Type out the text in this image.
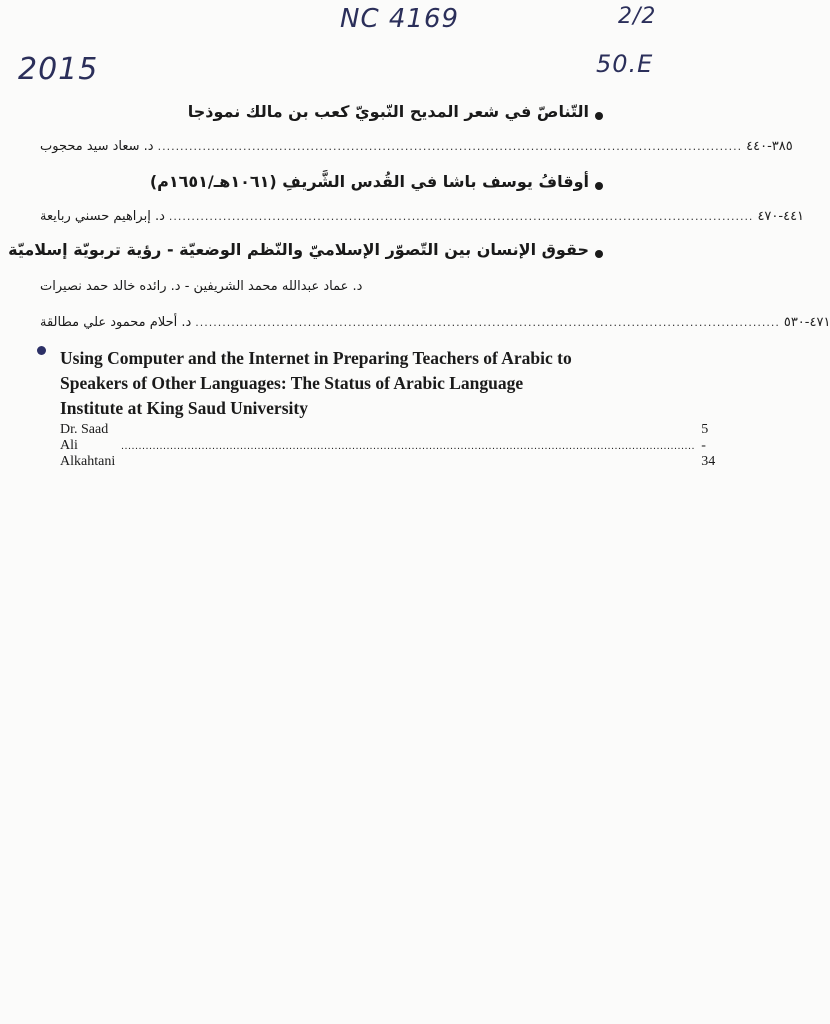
NC 4169	2/2
2015	50.E
التّناصّ في شعر المديح النّبويّ كعب بن مالك نموذجا
د. سعاد سيد محجوب .................................................................................................................................. ٣٨٥-٤٤٠
أوقافُ يوسف باشا في القُدس الشَّريفِ (١٠٦١هـ/١٦٥١م)
د. إبراهيم حسني ربايعة .................................................................................................................................. ٤٤١-٤٧٠
حقوق الإنسان بين التّصوّر الإسلاميّ والنّظم الوضعيّة - رؤية تربويّة إسلاميّة
د. عماد عبدالله محمد الشريفين - د. رائده خالد حمد نصيرات
د. أحلام محمود علي مطالقة .................................................................................................................................. ٤٧١-٥٣٠
Using Computer and the Internet in Preparing Teachers of Arabic to Speakers of Other Languages: The Status of Arabic Language Institute at King Saud University
Dr. Saad Ali Alkahtani
....................................................................................................................................................................
5 - 34
